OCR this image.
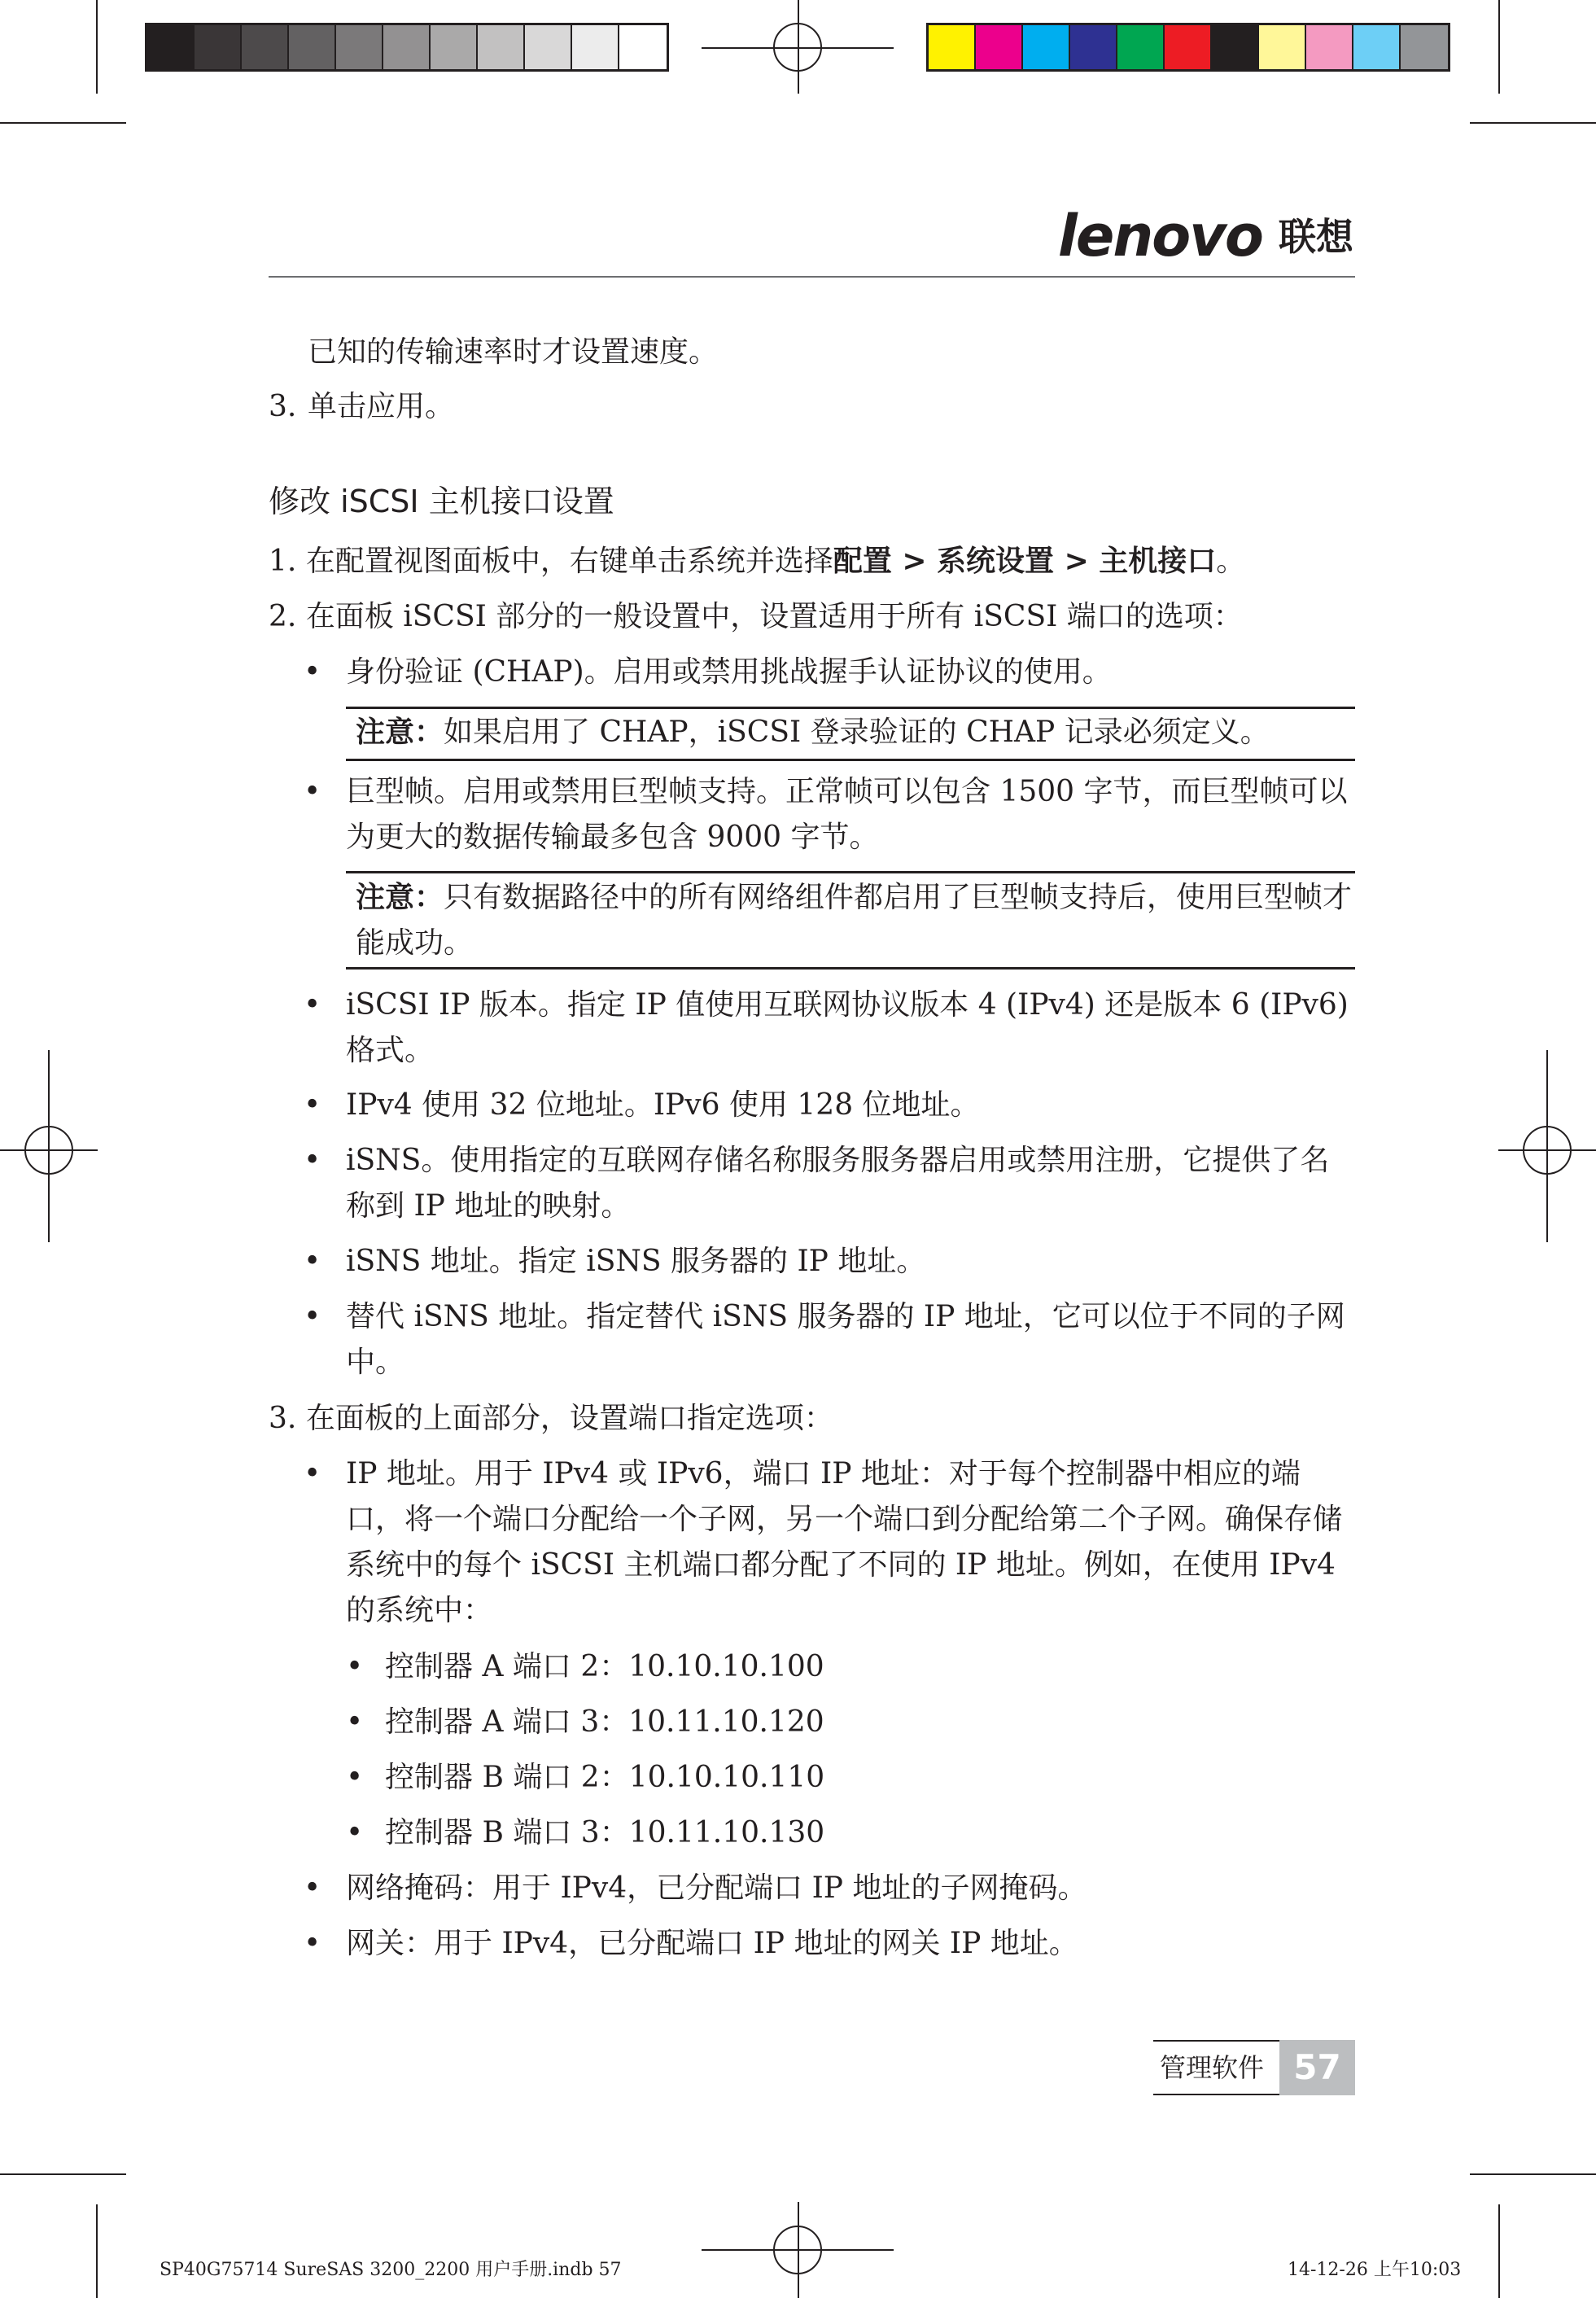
lenovo 联想
已知的传输速率时才设置速度。
3. 单击应用。
修改 iSCSI 主机接口设置
1. 在配置视图面板中，右键单击系统并选择配置 > 系统设置 > 主机接口。
2. 在面板 iSCSI 部分的一般设置中，设置适用于所有 iSCSI 端口的选项：
• 身份验证 (CHAP)。启用或禁用挑战握手认证协议的使用。
注意：如果启用了 CHAP，iSCSI 登录验证的 CHAP 记录必须定义。
• 巨型帧。启用或禁用巨型帧支持。正常帧可以包含 1500 字节，而巨型帧可以为更大的数据传输最多包含 9000 字节。
注意：只有数据路径中的所有网络组件都启用了巨型帧支持后，使用巨型帧才能成功。
• iSCSI IP 版本。指定 IP 值使用互联网协议版本 4 (IPv4) 还是版本 6 (IPv6) 格式。
• IPv4 使用 32 位地址。IPv6 使用 128 位地址。
• iSNS。使用指定的互联网存储名称服务服务器启用或禁用注册，它提供了名称到 IP 地址的映射。
• iSNS 地址。指定 iSNS 服务器的 IP 地址。
• 替代 iSNS 地址。指定替代 iSNS 服务器的 IP 地址，它可以位于不同的子网中。
3. 在面板的上面部分，设置端口指定选项：
• IP 地址。用于 IPv4 或 IPv6，端口 IP 地址：对于每个控制器中相应的端口，将一个端口分配给一个子网，另一个端口到分配给第二个子网。确保存储系统中的每个 iSCSI 主机端口都分配了不同的 IP 地址。例如，在使用 IPv4 的系统中：
• 控制器 A 端口 2：10.10.10.100
• 控制器 A 端口 3：10.11.10.120
• 控制器 B 端口 2：10.10.10.110
• 控制器 B 端口 3：10.11.10.130
• 网络掩码：用于 IPv4，已分配端口 IP 地址的子网掩码。
• 网关：用于 IPv4，已分配端口 IP 地址的网关 IP 地址。
管理软件 57
SP40G75714 SureSAS 3200_2200 用户手册.indb 57	14-12-26 上午10:03
